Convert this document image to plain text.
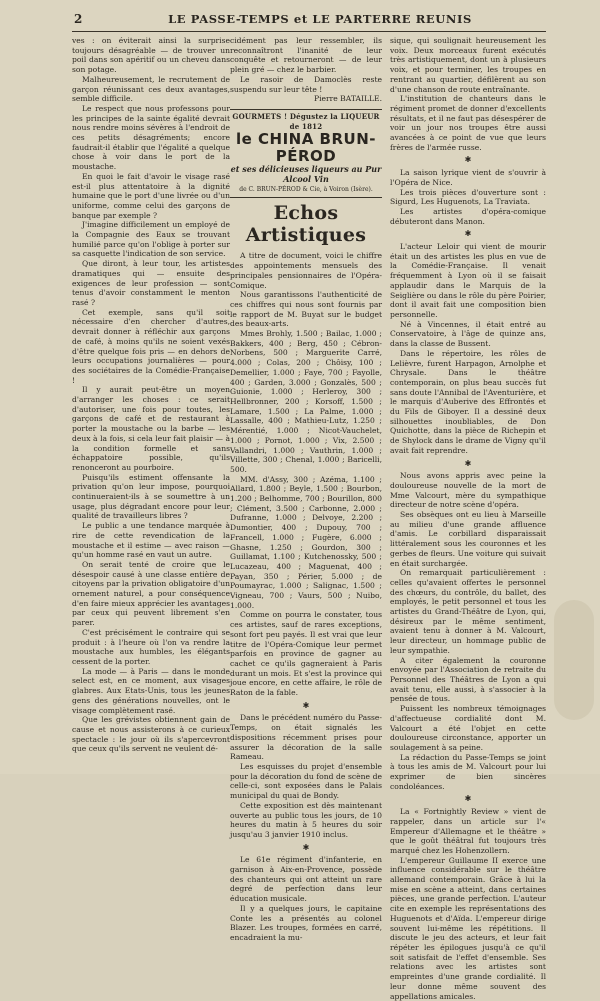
2	LE PASSE-TEMPS et LE PARTERRE REUNIS

ves : on éviterait ainsi la surprise toujours désagréable — de trouver un poil dans son apéritif ou un cheveu dans son potage.

Malheureusement, le recrutement de garçon réunissant ces deux avantages, semble difficile.

Le respect que nous professons pour les principes de la sainte égalité devrait nous rendre moins sévères à l'endroit de ces petits désagréments; encore faudrait-il établir que l'égalité a quelque chose à voir dans le port de la moustache.

En quoi le fait d'avoir le visage rasé est-il plus attentatoire à la dignité humaine que le port d'une livrée ou d'un uniforme, comme celui des garçons de banque par exemple ?

J'imagine difficilement un employé de la Compagnie des Eaux se trouvant humilié parce qu'on l'oblige à porter sur sa casquette l'indication de son service.

Que diront, à leur tour, les artistes dramatiques qui — ensuite des exigences de leur profession — sont tenus d'avoir constamment le menton rasé ?

Cet exemple, sans qu'il soit nécessaire d'en chercher d'autres, devrait donner à réfléchir aux garçons de café, à moins qu'ils ne soient vexés d'être quelque fois pris — en dehors de leurs occupations journalières — pour des sociétaires de la Comédie-Française !

Il y aurait peut-être un moyen d'arranger les choses : ce serait d'autoriser, une fois pour toutes, les garçons de café et de restaurant à porter la moustache ou la barbe — les deux à la fois, si cela leur fait plaisir — à la condition formelle et sans échappatoire possible, qu'ils renonceront au pourboire.

Puisqu'ils estiment offensante la privation qu'on leur impose, pourquoi continueraient-ils à se soumettre à un usage, plus dégradant encore pour leur qualité de travailleurs libres ?

Le public a une tendance marquée à rire de cette revendication de la moustache et il estime — avec raison — qu'un homme rasé en vaut un autre.

On serait tenté de croire que le désespoir causé à une classe entière de citoyens par la privation obligatoire d'un ornement naturel, a pour conséquence d'en faire mieux apprécier les avantages par ceux qui peuvent librement s'en parer.

C'est précisément le contraire qui se produit : à l'heure où l'on va rendre la moustache aux humbles, les élégants cessent de la porter.

La mode — à Paris — dans le monde select est, en ce moment, aux visages glabres. Aux Etats-Unis, tous les jeunes gens des générations nouvelles, ont le visage complètement rasé.

Que les grévistes obtiennent gain de cause et nous assisterons à ce curieux spectacle : le jour où ils s'apercevront que ceux qu'ils servent ne veulent dé-

cidément pas leur ressembler, ils reconnaîtront l'inanité de leur conquête et retourneront — de leur plein gré — chez le barbier.

Le rasoir de Damoclès reste suspendu sur leur tête !

Pierre BATAILLE.

GOURMETS ! Dégustez la LIQUEUR de 1812
le CHINA BRUN-PÉROD
et ses délicieuses liqueurs au Pur Alcool Vin
de C. BRUN-PÉROD & Cie, à Voiron (Isère).
Echos Artistiques

A titre de document, voici le chiffre des appointements mensuels des principales pensionnaires de l'Opéra-Comique.

Nous garantissons l'authenticité de ces chiffres qui nous sont fournis par le rapport de M. Buyat sur le budget des beaux-arts.

Mmes Brohly, 1.500 ; Bailac, 1.000 ; Bakkers, 400 ; Berg, 450 ; Cébron-Norbens, 500 ; Marguerite Carré, 4.000 ; Colas, 200 ; Chôisy, 100 ; Demellier, 1.000 ; Faye, 700 ; Fayolle, 400 ; Garden, 3.000 ; Gonzalès, 500 ; Guionie, 1.000 ; Herleroy, 300 ; Hellbronner, 200 ; Korsoff, 1.500 ; Lamare, 1.500 ; La Palme, 1.000 ; Lassalle, 400 ; Mathieu-Lutz, 1.250 ; Mérentié, 1.000 ; Nicot-Vauchelet, 1.000 ; Pornot, 1.000 ; Vix, 2.500 ; Vallandri, 1.000 ; Vauthrin, 1.000 ; Villette, 300 ; Chenal, 1.000 ; Baricelli, 500.

MM. d'Assy, 300 ; Azéma, 1.100 ; Allard, 1.800 ; Beyle, 1.500 ; Bourbon, 1.200 ; Belhomme, 700 ; Bourillon, 800 ; Clément, 3.500 ; Carbonne, 2.000 ; Dufranne, 1.000 ; Delvoye, 2.200 ; Dumontier, 400 ; Dupouy, 700 ; Francell, 1.000 ; Fugère, 6.000 ; Ghasne, 1.250 ; Gourdon, 300 ; Guillamat, 1.100 ; Kutchenossky, 500 ; Lucazeau, 400 ; Maguenat, 400 ; Payan, 350 ; Périer, 5.000 ; de Poumayrac, 1.000 ; Salignac, 1.500 ; Vigneau, 700 ; Vaurs, 500 ; Nuibo, 1.000.

Comme on pourra le constater, tous ces artistes, sauf de rares exceptions, sont fort peu payés. Il est vrai que leur titre de l'Opéra-Comique leur permet parfois en province de gagner au cachet ce qu'ils gagneraient à Paris durant un mois. Et s'est la province qui joue encore, en cette affaire, le rôle de Raton de la fable.

✱

Dans le précédent numéro du Passe-Temps, on était signalés les dispositions récemment prises pour assurer la décoration de la salle Rameau.

Les esquisses du projet d'ensemble pour la décoration du fond de scène de celle-ci, sont exposées dans le Palais municipal du quai de Bondy.

Cette exposition est dès maintenant ouverte au public tous les jours, de 10 heures du matin à 5 heures du soir jusqu'au 3 janvier 1910 inclus.

✱

Le 61e régiment d'infanterie, en garnison à Aix-en-Provence, possède des chanteurs qui ont atteint un rare degré de perfection dans leur éducation musicale.

Il y a quelques jours, le capitaine Conte les a présentés au colonel Blazer. Les troupes, formées en carré, encadraient la mu-

sique, qui soulignait heureusement les voix. Deux morceaux furent exécutés très artistiquement, dont un à plusieurs voix, et pour terminer, les troupes en rentrant au quartier, défilèrent au son d'une chanson de route entraînante.

L'institution de chanteurs dans le régiment promet de donner d'excellents résultats, et il ne faut pas désespérer de voir un jour nos troupes être aussi avancées à ce point de vue que leurs frères de l'armée russe.

✱

La saison lyrique vient de s'ouvrir à l'Opéra de Nice.

Les trois pièces d'ouverture sont : Sigurd, Les Huguenots, La Traviata.

Les artistes d'opéra-comique débuteront dans Manon.

✱

L'acteur Leloir qui vient de mourir était un des artistes les plus en vue de la Comédie-Française. Il venait fréquemment à Lyon où il se faisait applaudir dans le Marquis de la Seiglière ou dans le rôle du père Poirier, dont il avait fait une composition bien personnelle.

Né à Vincennes, il était entré au Conservatoire, à l'âge de quinze ans, dans la classe de Bussent.

Dans le répertoire, les rôles de Lelièvre, furent Harpagon, Arnolphe et Chrysale. Dans le théâtre contemporain, on plus beau succès fut sans doute l'Annibal de l'Aventurière, et le marquis d'Auberive des Effrontés et du Fils de Giboyer. Il a dessiné deux silhouettes inoubliables, de Don Quichotte, dans la pièce de Richepin et de Shylock dans le drame de Vigny qu'il avait fait reprendre.

✱

Nous avons appris avec peine la douloureuse nouvelle de la mort de Mme Valcourt, mère du sympathique directeur de notre scène d'opéra.

Ses obsèques ont eu lieu à Marseille au milieu d'une grande affluence d'amis. Le corbillard disparaissait littéralement sous les couronnes et les gerbes de fleurs. Une voiture qui suivait en était surchargée.

On remarquait particulièrement : celles qu'avaient offertes le personnel des chœurs, du contrôle, du ballet, des employés, le petit personnel et tous les artistes du Grand-Théâtre de Lyon, qui, désireux par le même sentiment, avaient tenu à donner à M. Valcourt, leur directeur, un hommage public de leur sympathie.

A citer également la couronne envoyée par l'Association de retraite du Personnel des Théâtres de Lyon a qui avait tenu, elle aussi, à s'associer à la pensée de tous.

Puissent les nombreux témoignages d'affectueuse cordialité dont M. Valcourt a été l'objet en cette douloureuse circonstance, apporter un soulagement à sa peine.

La rédaction du Passe-Temps se joint à tous les amis de M. Valcourt pour lui exprimer de bien sincères condoléances.

✱

La « Fortnightly Review » vient de rappeler, dans un article sur l'« Empereur d'Allemagne et le théâtre » que le goût théâtral fut toujours très marqué chez les Hohenzollern.

L'empereur Guillaume II exerce une influence considérable sur le théâtre allemand contemporain. Grâce à lui la mise en scène a atteint, dans certaines pièces, une grande perfection. L'auteur cite en exemple les représentations des Huguenots et d'Aïda. L'empereur dirige souvent lui-même les répétitions. Il discute le jeu des acteurs, et leur fait répéter les épilogues jusqu'à ce qu'il soit satisfait de l'effet d'ensemble. Ses relations avec les artistes sont empreintes d'une grande cordialité. Il leur donne même souvent des appellations amicales.
